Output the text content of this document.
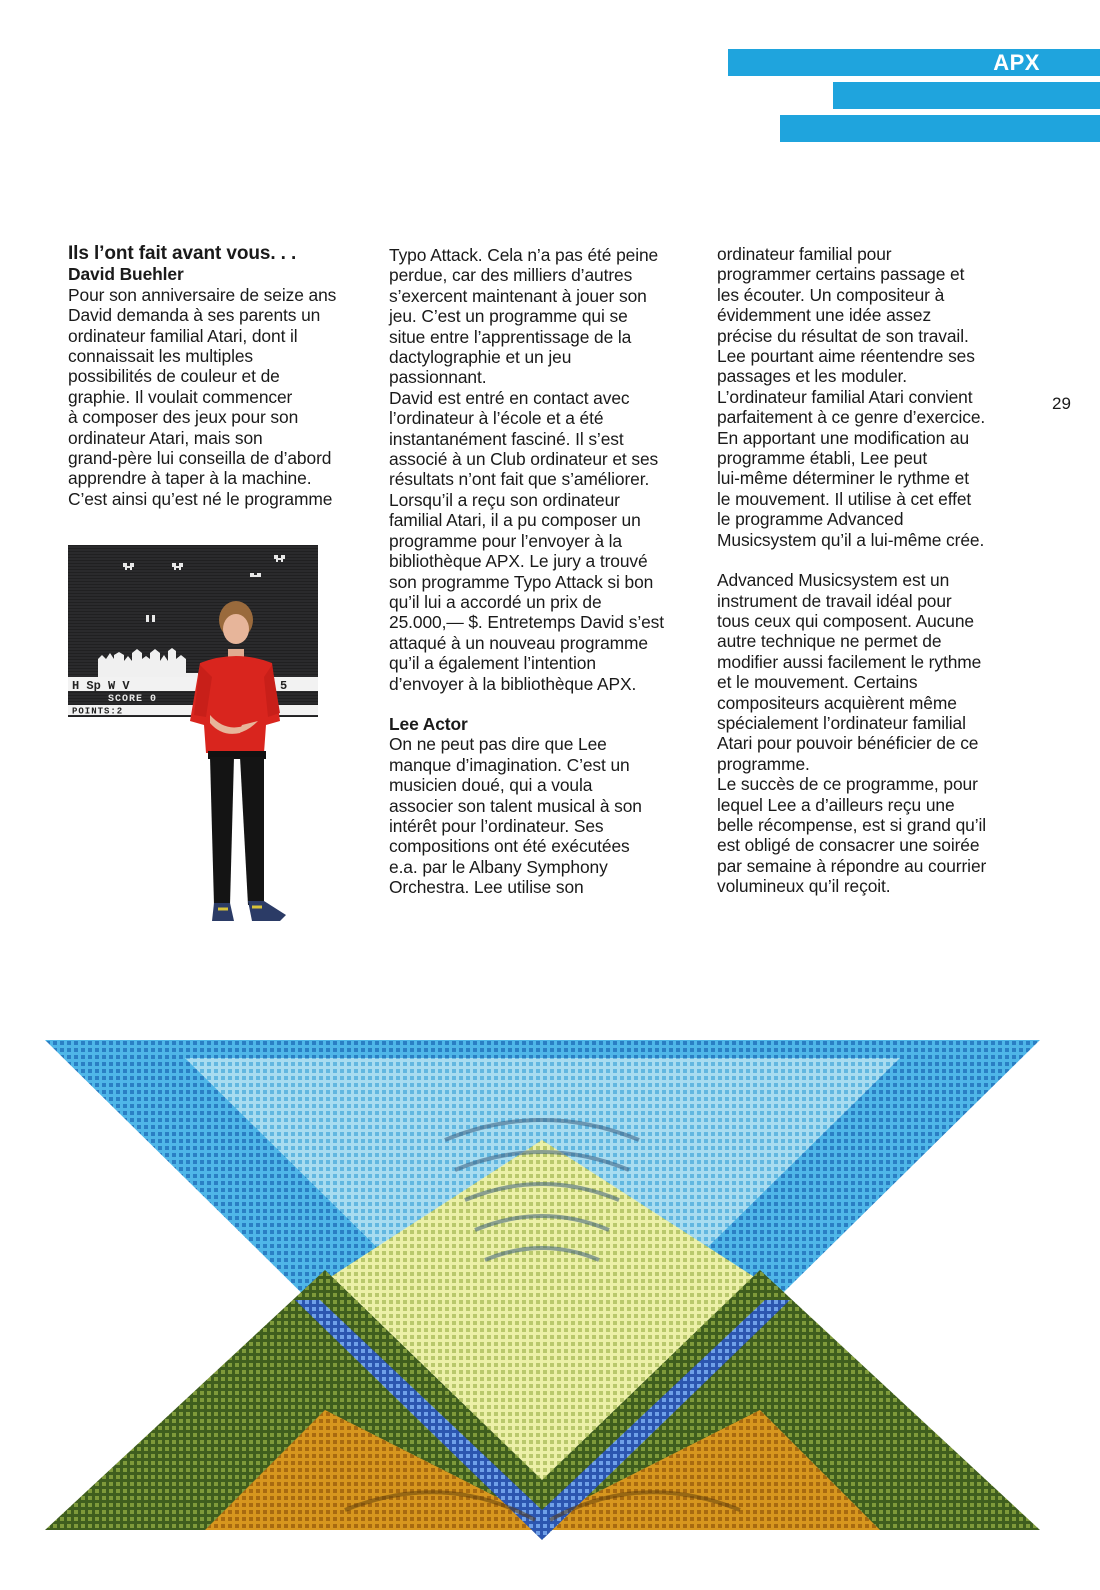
APX

Ils l’ont fait avant vous. . .

David Buehler

Pour son anniversaire de seize ans

David demanda à ses parents un

ordinateur familial Atari, dont il

connaissait les multiples

possibilités de couleur et de

graphie. Il voulait commencer

à composer des jeux pour son

ordinateur Atari, mais son

grand-père lui conseilla de d’abord

apprendre à taper à la machine.

C’est ainsi qu’est né le programme

Typo Attack. Cela n’a pas été peine

perdue, car des milliers d’autres

s’exercent maintenant à jouer son

jeu. C’est un programme qui se

situe entre l’apprentissage de la

dactylographie et un jeu

passionnant.

David est entré en contact avec

l’ordinateur à l’école et a été

instantanément fasciné. Il s’est

associé à un Club ordinateur et ses

résultats n’ont fait que s’améliorer.

Lorsqu’il a reçu son ordinateur

familial Atari, il a pu composer un

programme pour l’envoyer à la

bibliothèque APX. Le jury a trouvé

son programme Typo Attack si bon

qu’il lui a accordé un prix de

25.000,— $. Entretemps David s’est

attaqué à un nouveau programme

qu’il a également l’intention

d’envoyer à la bibliothèque APX.

Lee Actor

On ne peut pas dire que Lee

manque d’imagination. C’est un

musicien doué, qui a voula

associer son talent musical à son

intérêt pour l’ordinateur. Ses

compositions ont été exécutées

e.a. par le Albany Symphony

Orchestra. Lee utilise son

ordinateur familial pour

programmer certains passage et

les écouter. Un compositeur à

évidemment une idée assez

précise du résultat de son travail.

Lee pourtant aime réentendre ses

passages et les moduler.

L’ordinateur familial Atari convient

parfaitement à ce genre d’exercice.

En apportant une modification au

programme établi, Lee peut

lui-même déterminer le rythme et

le mouvement. Il utilise à cet effet

le programme Advanced

Musicsystem qu’il a lui-même crée.

Advanced Musicsystem est un

instrument de travail idéal pour

tous ceux qui composent. Aucune

autre technique ne permet de

modifier aussi facilement le rythme

et le mouvement. Certains

compositeurs acquièrent même

spécialement l’ordinateur familial

Atari pour pouvoir bénéficier de ce

programme.

Le succès de ce programme, pour

lequel Lee a d’ailleurs reçu une

belle récompense, est si grand qu’il

est obligé de consacrer une soirée

par semaine à répondre au courrier

volumineux qu’il reçoit.

29
H Sp W V	5
SCORE 0
POINTS:2
